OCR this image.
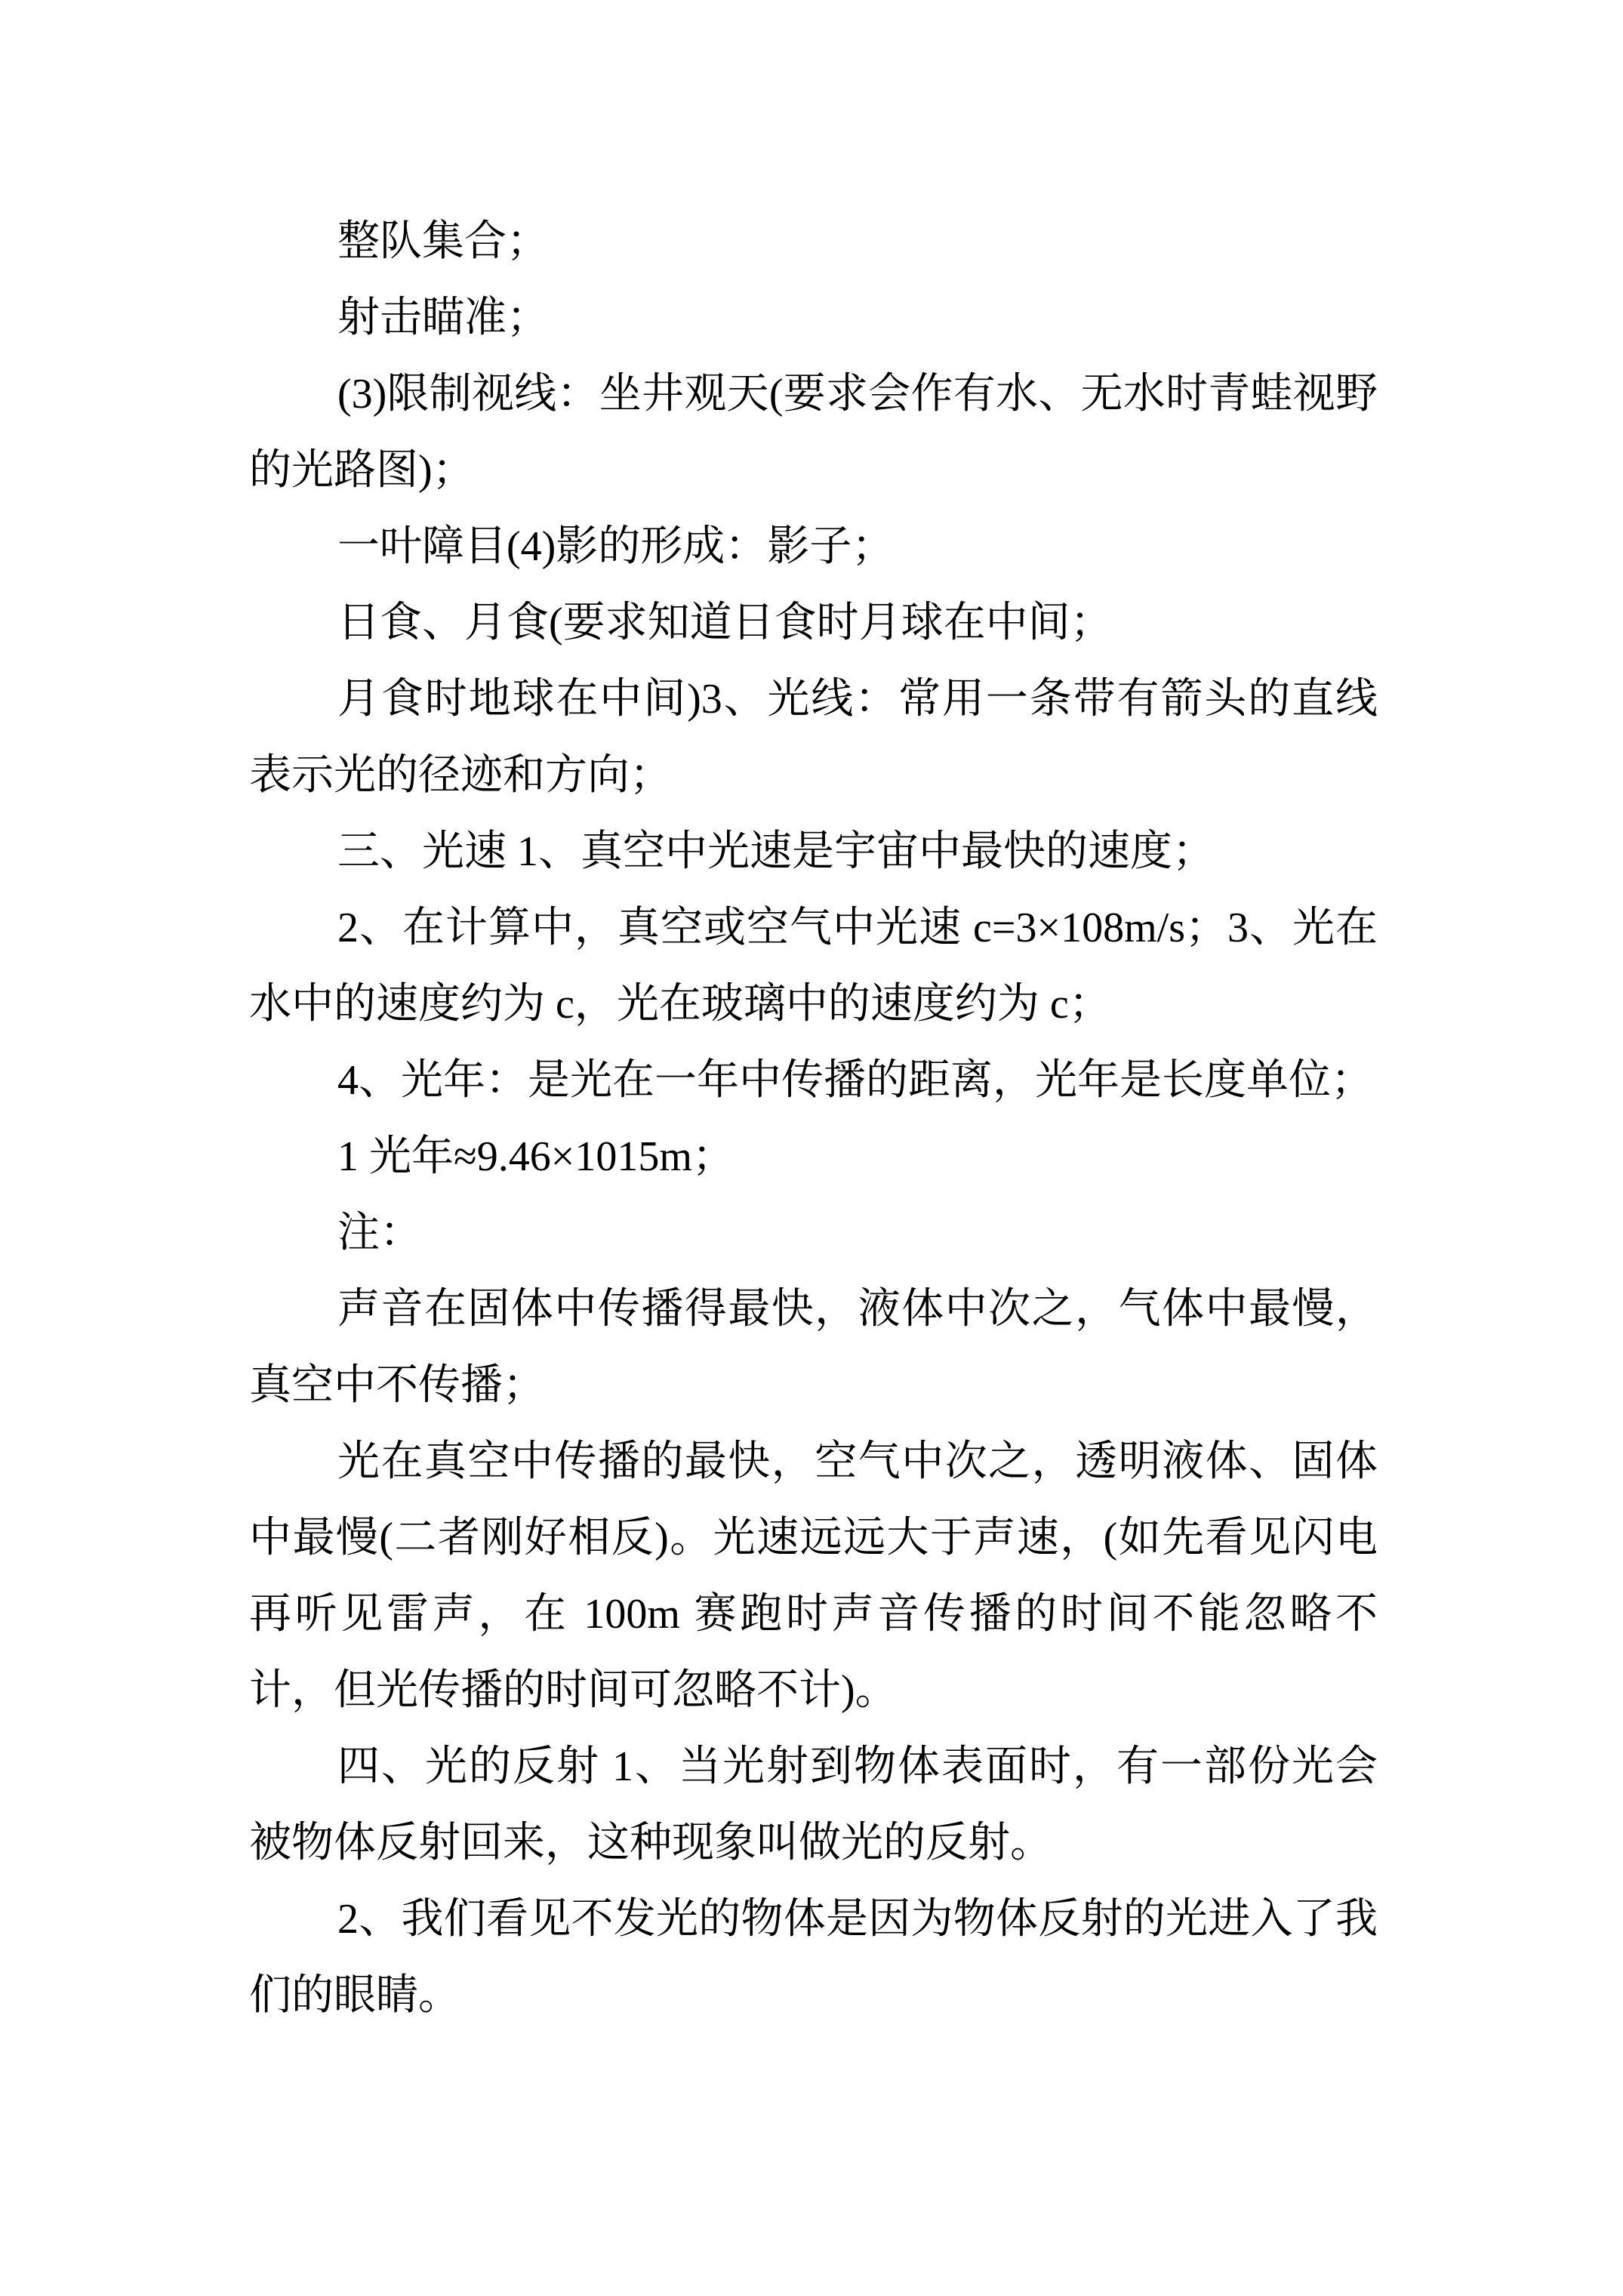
整队集合；

射击瞄准；

(3)限制视线：坐井观天(要求会作有水、无水时青蛙视野的光路图)；

一叶障目(4)影的形成：影子；

日食、月食(要求知道日食时月球在中间；

月食时地球在中间)3、光线：常用一条带有箭头的直线表示光的径迹和方向；

三、光速 1、真空中光速是宇宙中最快的速度；

2、在计算中，真空或空气中光速 c=3×108m/s；3、光在水中的速度约为 c，光在玻璃中的速度约为 c；

4、光年：是光在一年中传播的距离，光年是长度单位；

1 光年≈9.46×1015m；

注：

声音在固体中传播得最快，液体中次之，气体中最慢，真空中不传播；

光在真空中传播的最快，空气中次之，透明液体、固体中最慢(二者刚好相反)。光速远远大于声速，(如先看见闪电再听见雷声，在 100m 赛跑时声音传播的时间不能忽略不计，但光传播的时间可忽略不计)。

四、光的反射 1、当光射到物体表面时，有一部份光会被物体反射回来，这种现象叫做光的反射。

2、我们看见不发光的物体是因为物体反射的光进入了我们的眼睛。
